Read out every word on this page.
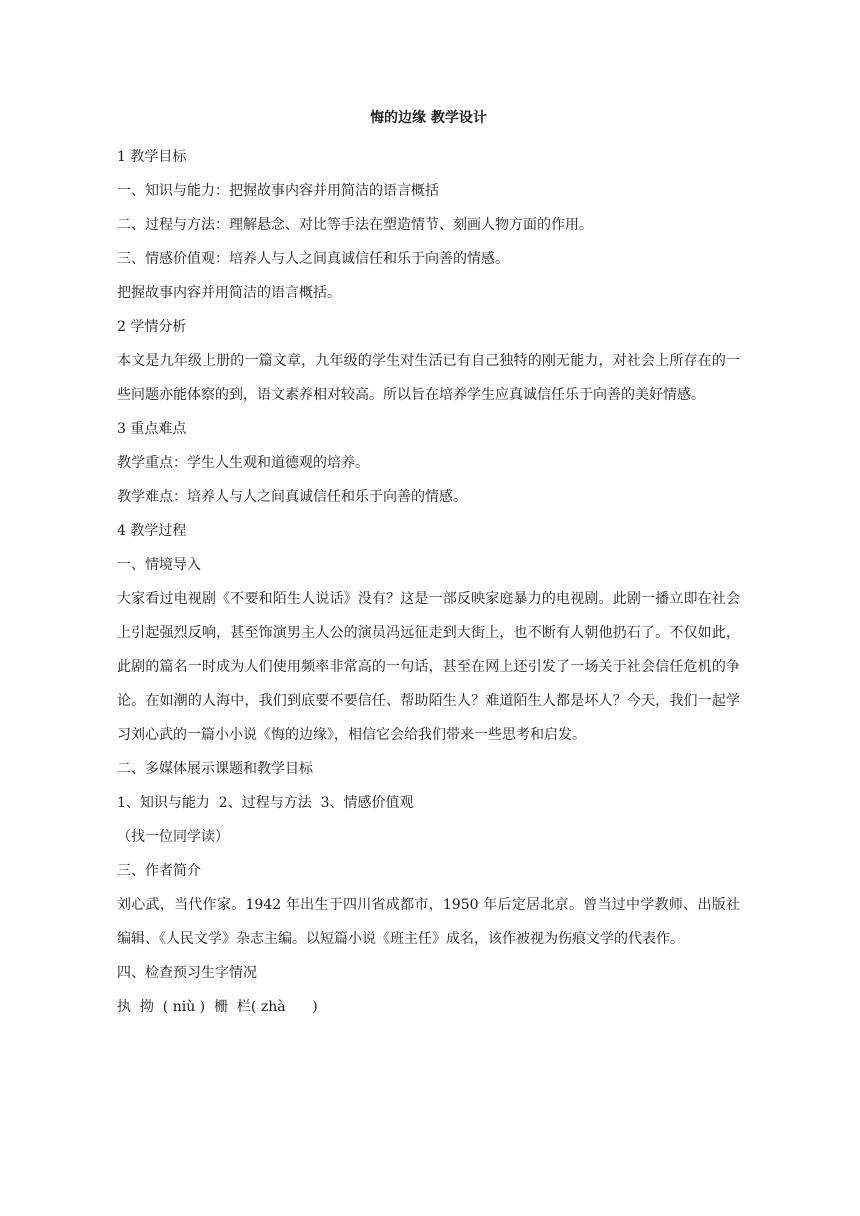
悔的边缘 教学设计

1 教学目标

一、知识与能力：把握故事内容并用简洁的语言概括

二、过程与方法：理解悬念、对比等手法在塑造情节、刻画人物方面的作用。

三、情感价值观：培养人与人之间真诚信任和乐于向善的情感。

把握故事内容并用简洁的语言概括。

2 学情分析

本文是九年级上册的一篇文章，九年级的学生对生活已有自己独特的刚无能力，对社会上所存在的一些问题亦能体察的到，语文素养相对较高。所以旨在培养学生应真诚信任乐于向善的美好情感。

3 重点难点

教学重点：学生人生观和道德观的培养。

教学难点：培养人与人之间真诚信任和乐于向善的情感。

4 教学过程

一、情境导入

大家看过电视剧《不要和陌生人说话》没有？这是一部反映家庭暴力的电视剧。此剧一播立即在社会上引起强烈反响，甚至饰演男主人公的演员冯远征走到大街上，也不断有人朝他扔石了。不仅如此，此剧的篇名一时成为人们使用频率非常高的一句话，甚至在网上还引发了一场关于社会信任危机的争论。在如潮的人海中，我们到底要不要信任、帮助陌生人？难道陌生人都是坏人？今天，我们一起学习刘心武的一篇小小说《悔的边缘》，相信它会给我们带来一些思考和启发。

二、多媒体展示课题和教学目标

1、知识与能力  2、过程与方法  3、情感价值观

（找一位同学读）

三、作者简介

刘心武，当代作家。1942 年出生于四川省成都市，1950 年后定居北京。曾当过中学教师、出版社编辑、《人民文学》杂志主编。以短篇小说《班主任》成名，该作被视为伤痕文学的代表作。

四、检查预习生字情况

执  拗  ( niù )  栅  栏( zhà      )
